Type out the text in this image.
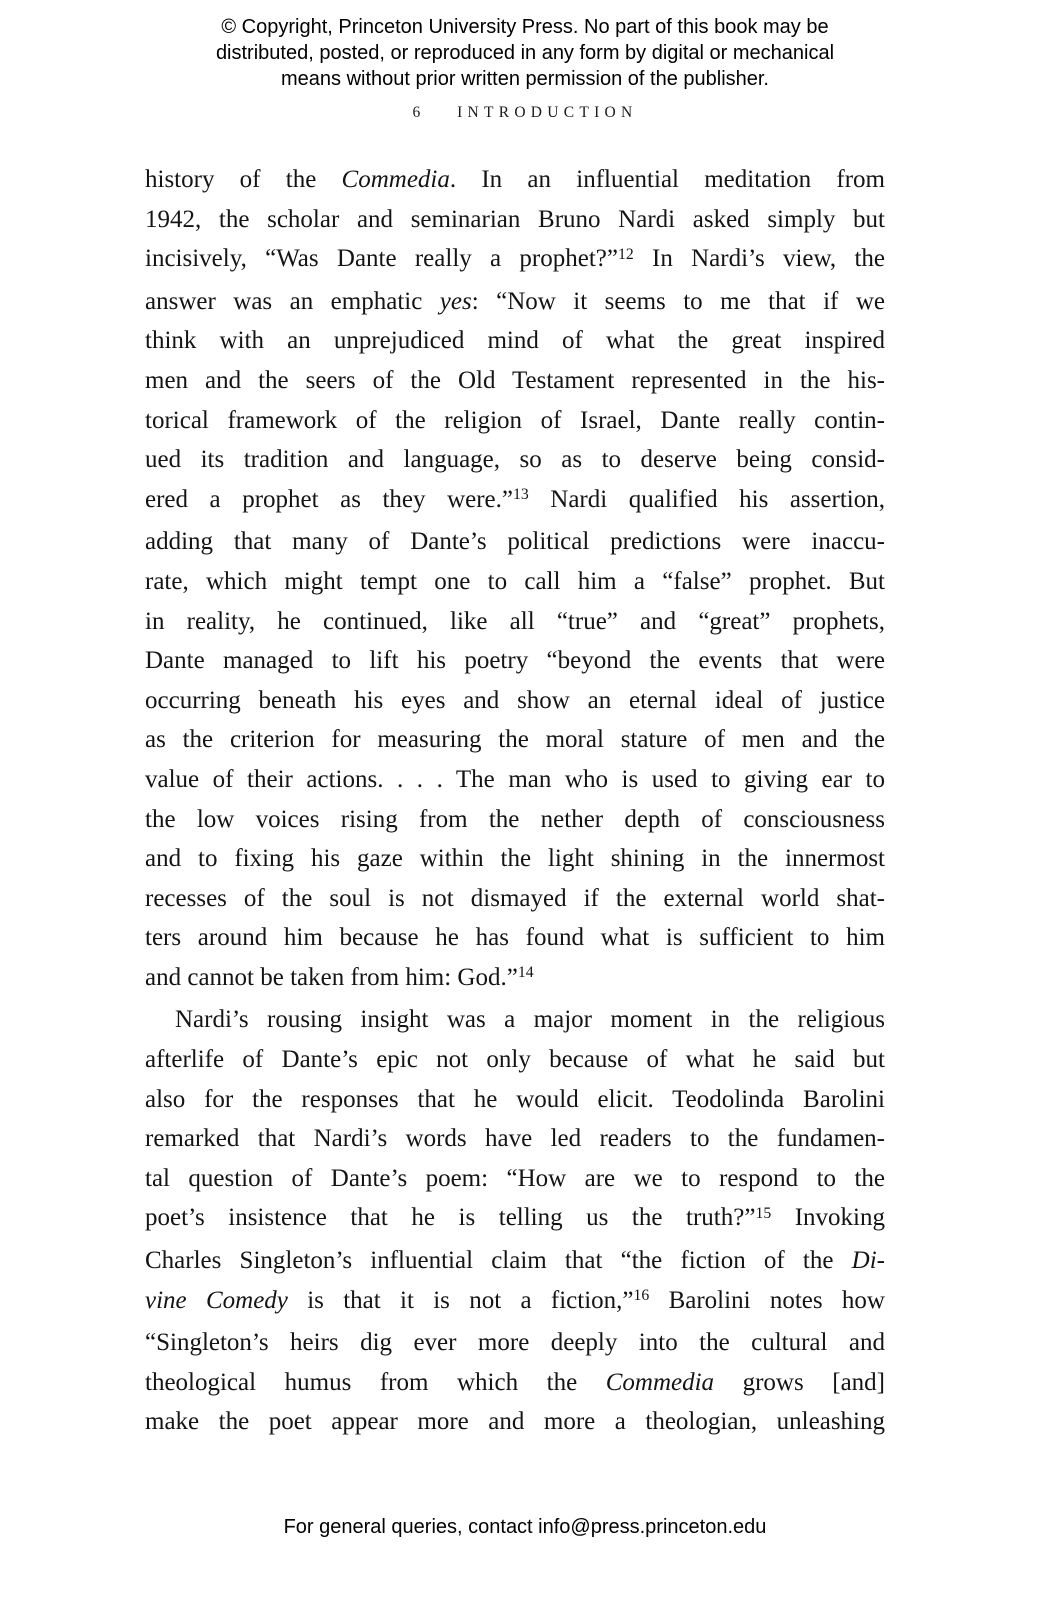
© Copyright, Princeton University Press. No part of this book may be
distributed, posted, or reproduced in any form by digital or mechanical
means without prior written permission of the publisher.
6 INTRODUCTION
history of the Commedia. In an influential meditation from
1942, the scholar and seminarian Bruno Nardi asked simply but
incisively, “Was Dante really a prophet?”$^{12}$ In Nardi’s view, the
answer was an emphatic yes: “Now it seems to me that if we
think with an unprejudiced mind of what the great inspired
men and the seers of the Old Testament represented in the his-
torical framework of the religion of Israel, Dante really contin-
ued its tradition and language, so as to deserve being consid-
ered a prophet as they were.”$^{13}$ Nardi qualified his assertion,
adding that many of Dante’s political predictions were inaccu-
rate, which might tempt one to call him a “false” prophet. But
in reality, he continued, like all “true” and “great” prophets,
Dante managed to lift his poetry “beyond the events that were
occurring beneath his eyes and show an eternal ideal of justice
as the criterion for measuring the moral stature of men and the
value of their actions. . . . The man who is used to giving ear to
the low voices rising from the nether depth of consciousness
and to fixing his gaze within the light shining in the innermost
recesses of the soul is not dismayed if the external world shat-
ters around him because he has found what is sufficient to him
and cannot be taken from him: God.”$^{14}$
Nardi’s rousing insight was a major moment in the religious
afterlife of Dante’s epic not only because of what he said but
also for the responses that he would elicit. Teodolinda Barolini
remarked that Nardi’s words have led readers to the fundamen-
tal question of Dante’s poem: “How are we to respond to the
poet’s insistence that he is telling us the truth?”$^{15}$ Invoking
Charles Singleton’s influential claim that “the fiction of the Di-
vine Comedy is that it is not a fiction,”$^{16}$ Barolini notes how
“Singleton’s heirs dig ever more deeply into the cultural and
theological humus from which the Commedia grows [and]
make the poet appear more and more a theologian, unleashing
For general queries, contact info@press.princeton.edu
